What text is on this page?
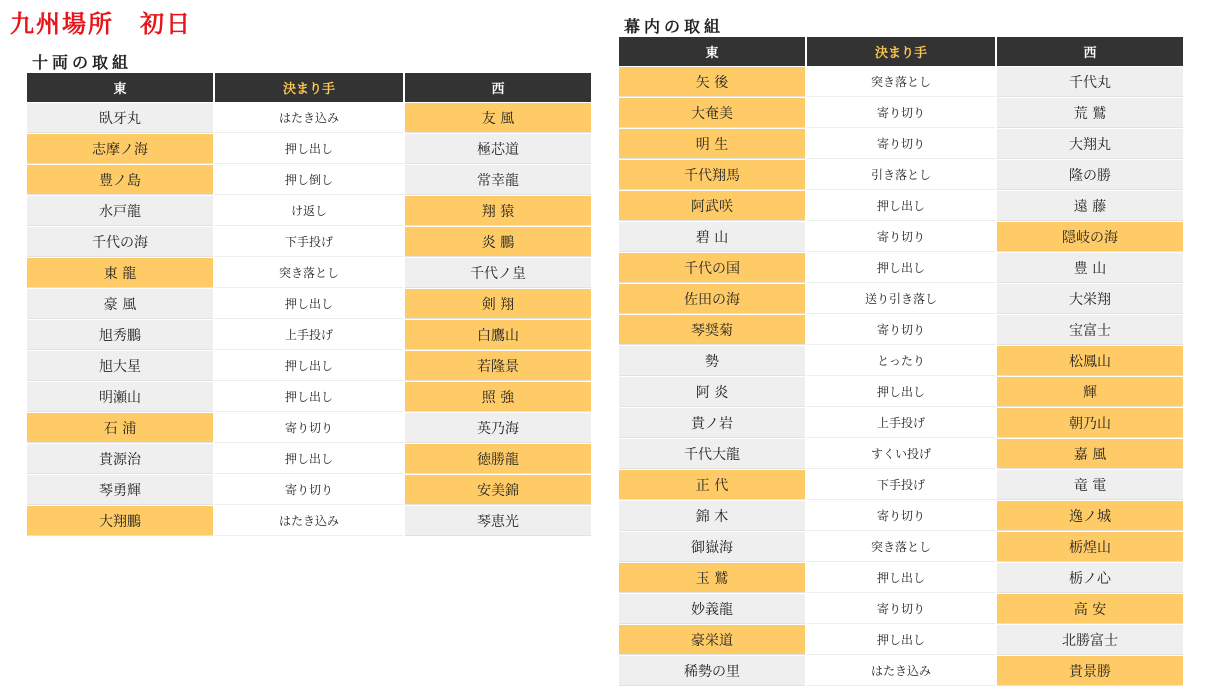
九州場所　初日
十両の取組
東	決まり手	西
臥牙丸	はたき込み	友 風
志摩ノ海	押し出し	極芯道
豊ノ島	押し倒し	常幸龍
水戸龍	け返し	翔 猿
千代の海	下手投げ	炎 鵬
東 龍	突き落とし	千代ノ皇
豪 風	押し出し	剣 翔
旭秀鵬	上手投げ	白鷹山
旭大星	押し出し	若隆景
明瀬山	押し出し	照 強
石 浦	寄り切り	英乃海
貴源治	押し出し	徳勝龍
琴勇輝	寄り切り	安美錦
大翔鵬	はたき込み	琴恵光
幕内の取組
東	決まり手	西
矢 後	突き落とし	千代丸
大奄美	寄り切り	荒 鷲
明 生	寄り切り	大翔丸
千代翔馬	引き落とし	隆の勝
阿武咲	押し出し	遠 藤
碧 山	寄り切り	隠岐の海
千代の国	押し出し	豊 山
佐田の海	送り引き落し	大栄翔
琴奨菊	寄り切り	宝富士
勢	とったり	松鳳山
阿 炎	押し出し	輝
貴ノ岩	上手投げ	朝乃山
千代大龍	すくい投げ	嘉 風
正 代	下手投げ	竜 電
錦 木	寄り切り	逸ノ城
御嶽海	突き落とし	栃煌山
玉 鷲	押し出し	栃ノ心
妙義龍	寄り切り	高 安
豪栄道	押し出し	北勝富士
稀勢の里	はたき込み	貴景勝
